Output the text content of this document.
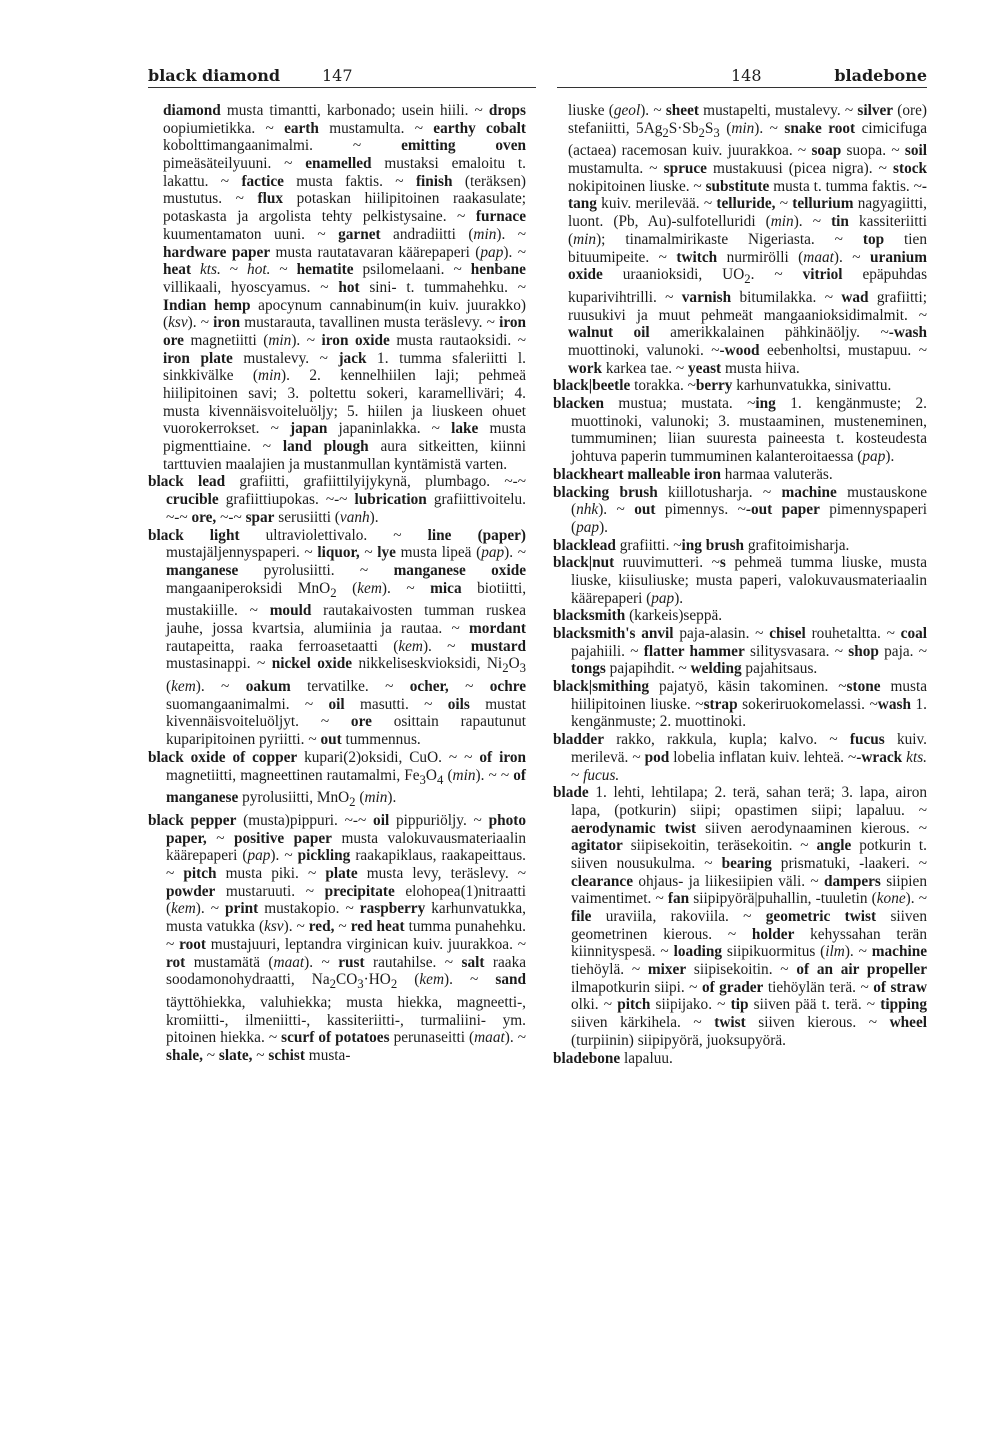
black diamond	147	148	bladebone

diamond musta timantti, karbonado; usein hiili. ~ drops oopiumietikka. ~ earth mustamulta. ~ earthy cobalt kobolttimangaanimalmi. ~ emitting oven pimeäsäteilyuuni. ~ enamelled mustaksi emaloitu t. lakattu. ~ factice musta faktis. ~ finish (teräksen) mustutus. ~ flux potaskan hiilipitoinen raakasulate; potaskasta ja argolista tehty pelkistysaine. ~ furnace kuumentamaton uuni. ~ garnet andradiitti (min). ~ hardware paper musta rautatavaran käärepaperi (pap). ~ heat kts. ~ hot. ~ hematite psilomelaani. ~ henbane villikaali, hyoscyamus. ~ hot sini- t. tummahehku. ~ Indian hemp apocynum cannabinum(in kuiv. juurakko) (ksv). ~ iron mustarauta, tavallinen musta teräslevy. ~ iron ore magnetiitti (min). ~ iron oxide musta rautaoksidi. ~ iron plate mustalevy. ~ jack 1. tumma sfaleriitti l. sinkkivälke (min). 2. kennelhiilen laji; pehmeä hiilipitoinen savi; 3. poltettu sokeri, karamelliväri; 4. musta kivennäisvoiteluöljy; 5. hiilen ja liuskeen ohuet vuorokerrokset. ~ japan japaninlakka. ~ lake musta pigmenttiaine. ~ land plough aura sitkeitten, kiinni tarttuvien maalajien ja mustanmullan kyntämistä varten.

black lead grafiitti, grafiittilyijykynä, plumbago. ~-~ crucible grafiittiupokas. ~-~ lubrication grafiittivoitelu. ~-~ ore, ~-~ spar serusiitti (vanh).

black light ultraviolettivalo. ~ line (paper) mustajäljennyspaperi. ~ liquor, ~ lye musta lipeä (pap). ~ manganese pyrolusiitti. ~ manganese oxide mangaaniperoksidi MnO$_2$ (kem). ~ mica biotiitti, mustakiille. ~ mould rautakaivosten tumman ruskea jauhe, jossa kvartsia, alumiinia ja rautaa. ~ mordant rautapeitta, raaka ferroasetaatti (kem). ~ mustard mustasinappi. ~ nickel oxide nikkeliseskvioksidi, $Ni_2O_3$ (kem). ~ oakum tervatilke. ~ ocher, ~ ochre suomangaanimalmi. ~ oil masutti. ~ oils mustat kivennäisvoiteluöljyt. ~ ore osittain rapautunut kuparipitoinen pyriitti. ~ out tummennus.

black oxide of copper kupari(2)oksidi, CuO. ~ ~ of iron magnetiitti, magneettinen rautamalmi, $Fe_3O_4$ (min). ~ ~ of manganese pyrolusiitti, MnO$_2$ (min).

black pepper (musta)pippuri. ~-~ oil pippuriöljy. ~ photo paper, ~ positive paper musta valokuvausmateriaalin käärepaperi (pap). ~ pickling raakapiklaus, raakapeittaus. ~ pitch musta piki. ~ plate musta levy, teräslevy. ~ powder mustaruuti. ~ precipitate elohopea(1)nitraatti (kem). ~ print mustakopio. ~ raspberry karhunvatukka, musta vatukka (ksv). ~ red, ~ red heat tumma punahehku. ~ root mustajuuri, leptandra virginican kuiv. juurakkoa. ~ rot mustamätä (maat). ~ rust rautahilse. ~ salt raaka soodamonohydraatti, $Na_2CO_3\cdot HO_2$ (kem). ~ sand täyttöhiekka, valuhiekka; musta hiekka, magneetti-, kromiitti-, ilmeniitti-, kassiteriitti-, turmaliini- ym. pitoinen hiekka. ~ scurf of potatoes perunaseitti (maat). ~ shale, ~ slate, ~ schist musta-

liuske (geol). ~ sheet mustapelti, mustalevy. ~ silver (ore) stefaniitti, $5Ag_2S\cdot Sb_2S_3$ (min). ~ snake root cimicifuga (actaea) racemosan kuiv. juurakkoa. ~ soap suopa. ~ soil mustamulta. ~ spruce mustakuusi (picea nigra). ~ stock nokipitoinen liuske. ~ substitute musta t. tumma faktis. ~-tang kuiv. merilevää. ~ telluride, ~ tellurium nagyagiitti, luont. (Pb, Au)-sulfotelluridi (min). ~ tin kassiteriitti (min); tinamalmirikaste Nigeriasta. ~ top tien bituumipeite. ~ twitch nurmirölli (maat). ~ uranium oxide uraanioksidi, $UO_2$. ~ vitriol epäpuhdas kuparivihtrilli. ~ varnish bitumilakka. ~ wad grafiitti; ruusukivi ja muut pehmeät mangaanioksidimalmit. ~ walnut oil amerikkalainen pähkinäöljy. ~-wash muottinoki, valunoki. ~-wood eebenholtsi, mustapuu. ~ work karkea tae. ~ yeast musta hiiva.

black|beetle torakka. ~berry karhunvatukka, sinivattu.

blacken mustua; mustata. ~ing 1. kengänmuste; 2. muottinoki, valunoki; 3. mustaaminen, musteneminen, tummuminen; liian suuresta paineesta t. kosteudesta johtuva paperin tummuminen kalanteroitaessa (pap).

blackheart malleable iron harmaa valuteräs.

blacking brush kiillotusharja. ~ machine mustauskone (nhk). ~ out pimennys. ~-out paper pimennyspaperi (pap).

blacklead grafiitti. ~ing brush grafitoimisharja.

black|nut ruuvimutteri. ~s pehmeä tumma liuske, musta liuske, kiisuliuske; musta paperi, valokuvausmateriaalin käärepaperi (pap).

blacksmith (karkeis)seppä.

blacksmith's anvil paja-alasin. ~ chisel rouhetaltta. ~ coal pajahiili. ~ flatter hammer silitysvasara. ~ shop paja. ~ tongs pajapihdit. ~ welding pajahitsaus.

black|smithing pajatyö, käsin takominen. ~stone musta hiilipitoinen liuske. ~strap sokeriruokomelassi. ~wash 1. kengänmuste; 2. muottinoki.

bladder rakko, rakkula, kupla; kalvo. ~ fucus kuiv. merilevä. ~ pod lobelia inflatan kuiv. lehteä. ~-wrack kts. ~ fucus.

blade 1. lehti, lehtilapa; 2. terä, sahan terä; 3. lapa, airon lapa, (potkurin) siipi; opastimen siipi; lapaluu. ~ aerodynamic twist siiven aerodynaaminen kierous. ~ agitator siipisekoitin, teräsekoitin. ~ angle potkurin t. siiven nousukulma. ~ bearing prismatuki, -laakeri. ~ clearance ohjaus- ja liikesiipien väli. ~ dampers siipien vaimentimet. ~ fan siipipyörä|puhallin, -tuuletin (kone). ~ file uraviila, rakoviila. ~ geometric twist siiven geometrinen kierous. ~ holder kehyssahan terän kiinnityspesä. ~ loading siipikuormitus (ilm). ~ machine tiehöylä. ~ mixer siipisekoitin. ~ of an air propeller ilmapotkurin siipi. ~ of grader tiehöylän terä. ~ of straw olki. ~ pitch siipijako. ~ tip siiven pää t. terä. ~ tipping siiven kärkihela. ~ twist siiven kierous. ~ wheel (turpiinin) siipipyörä, juoksupyörä.

bladebone lapaluu.
